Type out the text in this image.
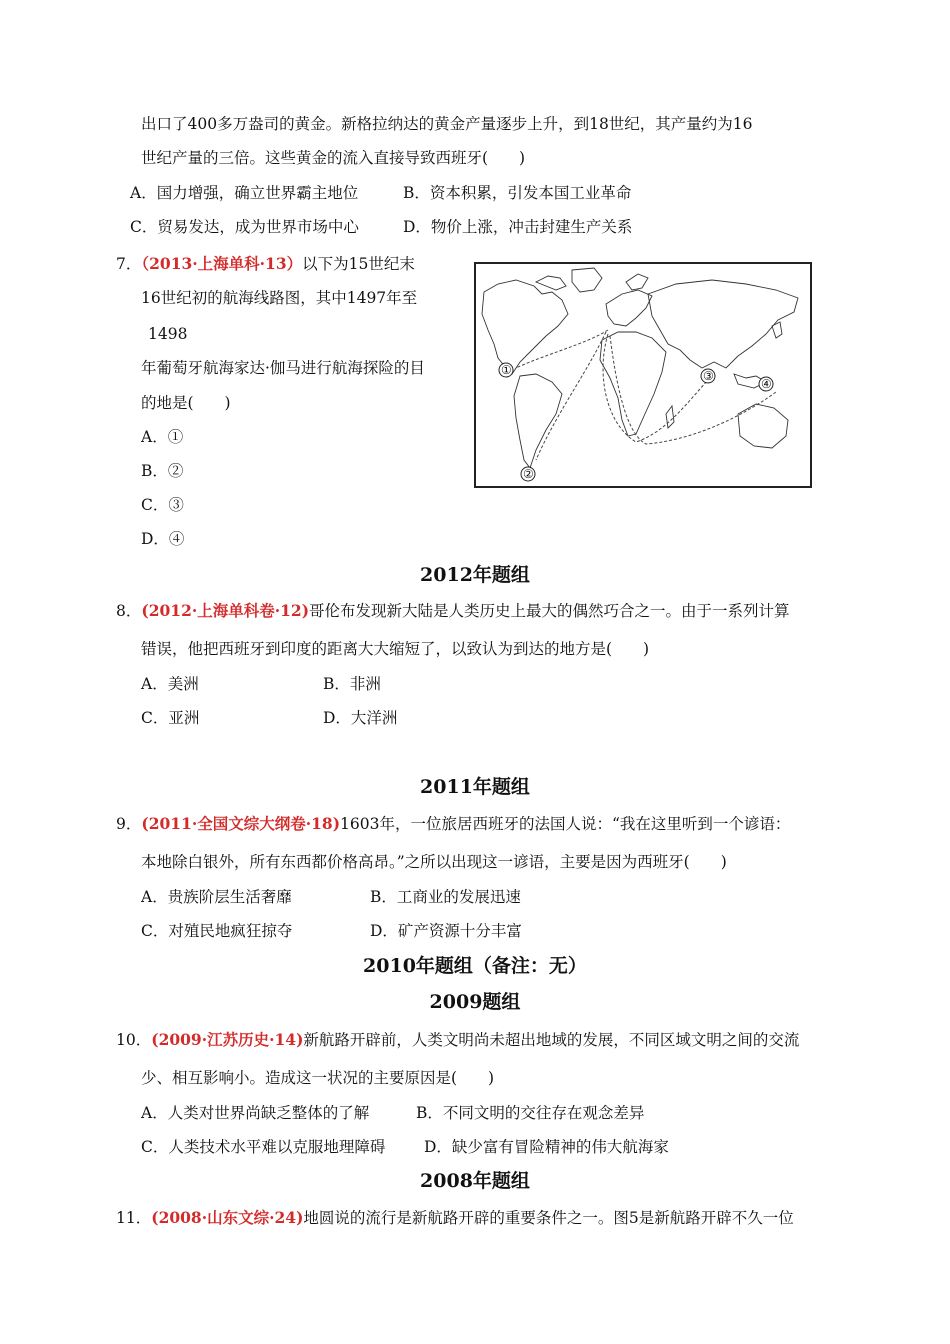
出口了400多万盎司的黄金。新格拉纳达的黄金产量逐步上升，到18世纪，其产量约为16
世纪产量的三倍。这些黄金的流入直接导致西班牙(　　)
A．国力增强，确立世界霸主地位	B．资本积累，引发本国工业革命
C．贸易发达，成为世界市场中心	D．物价上涨，冲击封建生产关系
7．（2013·上海单科·13）以下为15世纪末
16世纪初的航海线路图，其中1497年至
1498
年葡萄牙航海家达·伽马进行航海探险的目
的地是(　　)
A．①
B．②
C．③
D．④
①
②
③
④
2012年题组
8．(2012·上海单科卷·12)哥伦布发现新大陆是人类历史上最大的偶然巧合之一。由于一系列计算
错误，他把西班牙到印度的距离大大缩短了，以致认为到达的地方是(　　)
A．美洲	B．非洲
C．亚洲	D．大洋洲
2011年题组
9．(2011·全国文综大纲卷·18)1603年，一位旅居西班牙的法国人说：“我在这里听到一个谚语：
本地除白银外，所有东西都价格高昂。”之所以出现这一谚语，主要是因为西班牙(　　)
A．贵族阶层生活奢靡	B．工商业的发展迅速
C．对殖民地疯狂掠夺	D．矿产资源十分丰富
2010年题组（备注：无）
2009题组
10．(2009·江苏历史·14)新航路开辟前，人类文明尚未超出地域的发展，不同区域文明之间的交流
少、相互影响小。造成这一状况的主要原因是(　　)
A．人类对世界尚缺乏整体的了解	B．不同文明的交往存在观念差异
C．人类技术水平难以克服地理障碍 D．缺少富有冒险精神的伟大航海家
2008年题组
11．(2008·山东文综·24)地圆说的流行是新航路开辟的重要条件之一。图5是新航路开辟不久一位
